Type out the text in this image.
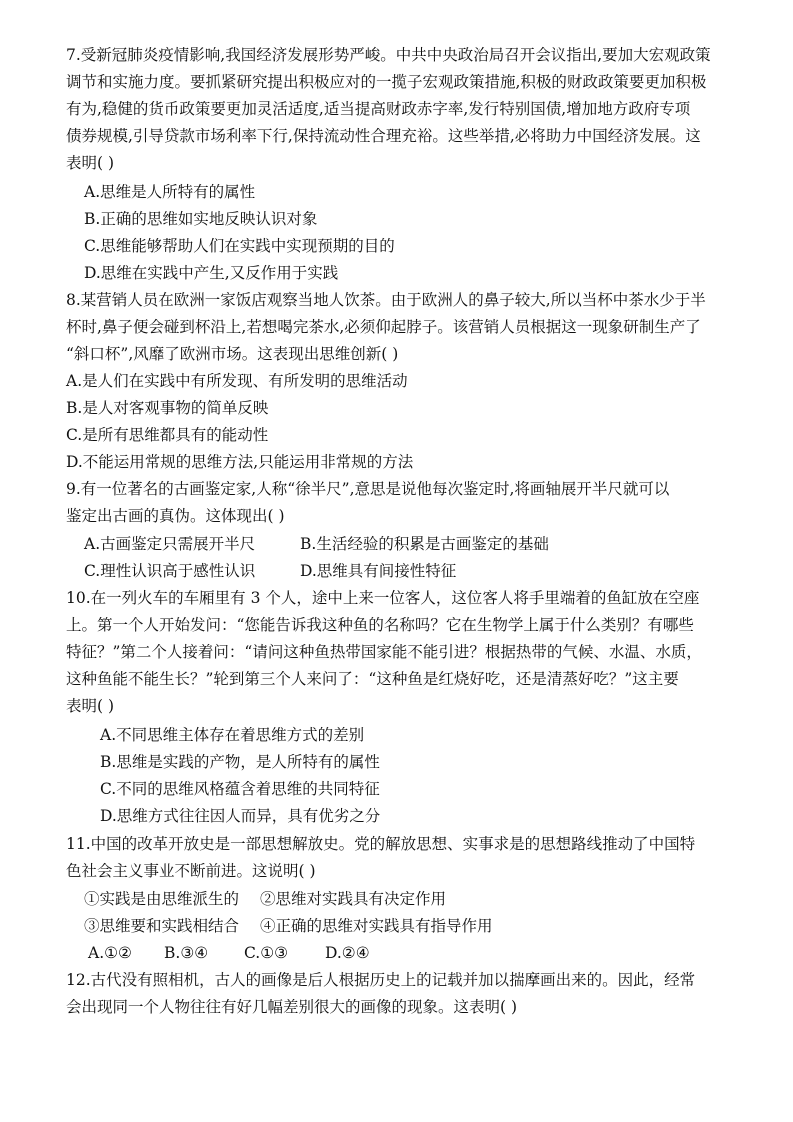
7.受新冠肺炎疫情影响,我国经济发展形势严峻。中共中央政治局召开会议指出,要加大宏观政策
调节和实施力度。要抓紧研究提出积极应对的一揽子宏观政策措施,积极的财政政策要更加积极
有为,稳健的货币政策要更加灵活适度,适当提高财政赤字率,发行特别国债,增加地方政府专项
债券规模,引导贷款市场利率下行,保持流动性合理充裕。这些举措,必将助力中国经济发展。这
表明( )
A.思维是人所特有的属性
B.正确的思维如实地反映认识对象
C.思维能够帮助人们在实践中实现预期的目的
D.思维在实践中产生,又反作用于实践
8.某营销人员在欧洲一家饭店观察当地人饮茶。由于欧洲人的鼻子较大,所以当杯中茶水少于半
杯时,鼻子便会碰到杯沿上,若想喝完茶水,必须仰起脖子。该营销人员根据这一现象研制生产了
“斜口杯”,风靡了欧洲市场。这表现出思维创新( )
A.是人们在实践中有所发现、有所发明的思维活动
B.是人对客观事物的简单反映
C.是所有思维都具有的能动性
D.不能运用常规的思维方法,只能运用非常规的方法
9.有一位著名的古画鉴定家,人称“徐半尺”,意思是说他每次鉴定时,将画轴展开半尺就可以
鉴定出古画的真伪。这体现出( )
A.古画鉴定只需展开半尺	B.生活经验的积累是古画鉴定的基础
C.理性认识高于感性认识	D.思维具有间接性特征
10.在一列火车的车厢里有 3 个人，途中上来一位客人，这位客人将手里端着的鱼缸放在空座
上。第一个人开始发问：“您能告诉我这种鱼的名称吗？它在生物学上属于什么类别？有哪些
特征？”第二个人接着问：“请问这种鱼热带国家能不能引进？根据热带的气候、水温、水质，
这种鱼能不能生长？”轮到第三个人来问了：“这种鱼是红烧好吃，还是清蒸好吃？”这主要
表明( )
A.不同思维主体存在着思维方式的差别
B.思维是实践的产物，是人所特有的属性
C.不同的思维风格蕴含着思维的共同特征
D.思维方式往往因人而异，具有优劣之分
11.中国的改革开放史是一部思想解放史。党的解放思想、实事求是的思想路线推动了中国特
色社会主义事业不断前进。这说明( )
①实践是由思维派生的 ②思维对实践具有决定作用
③思维要和实践相结合 ④正确的思维对实践具有指导作用
A.①② B.③④ C.①③ D.②④
12.古代没有照相机，古人的画像是后人根据历史上的记载并加以揣摩画出来的。因此，经常
会出现同一个人物往往有好几幅差别很大的画像的现象。这表明( )
